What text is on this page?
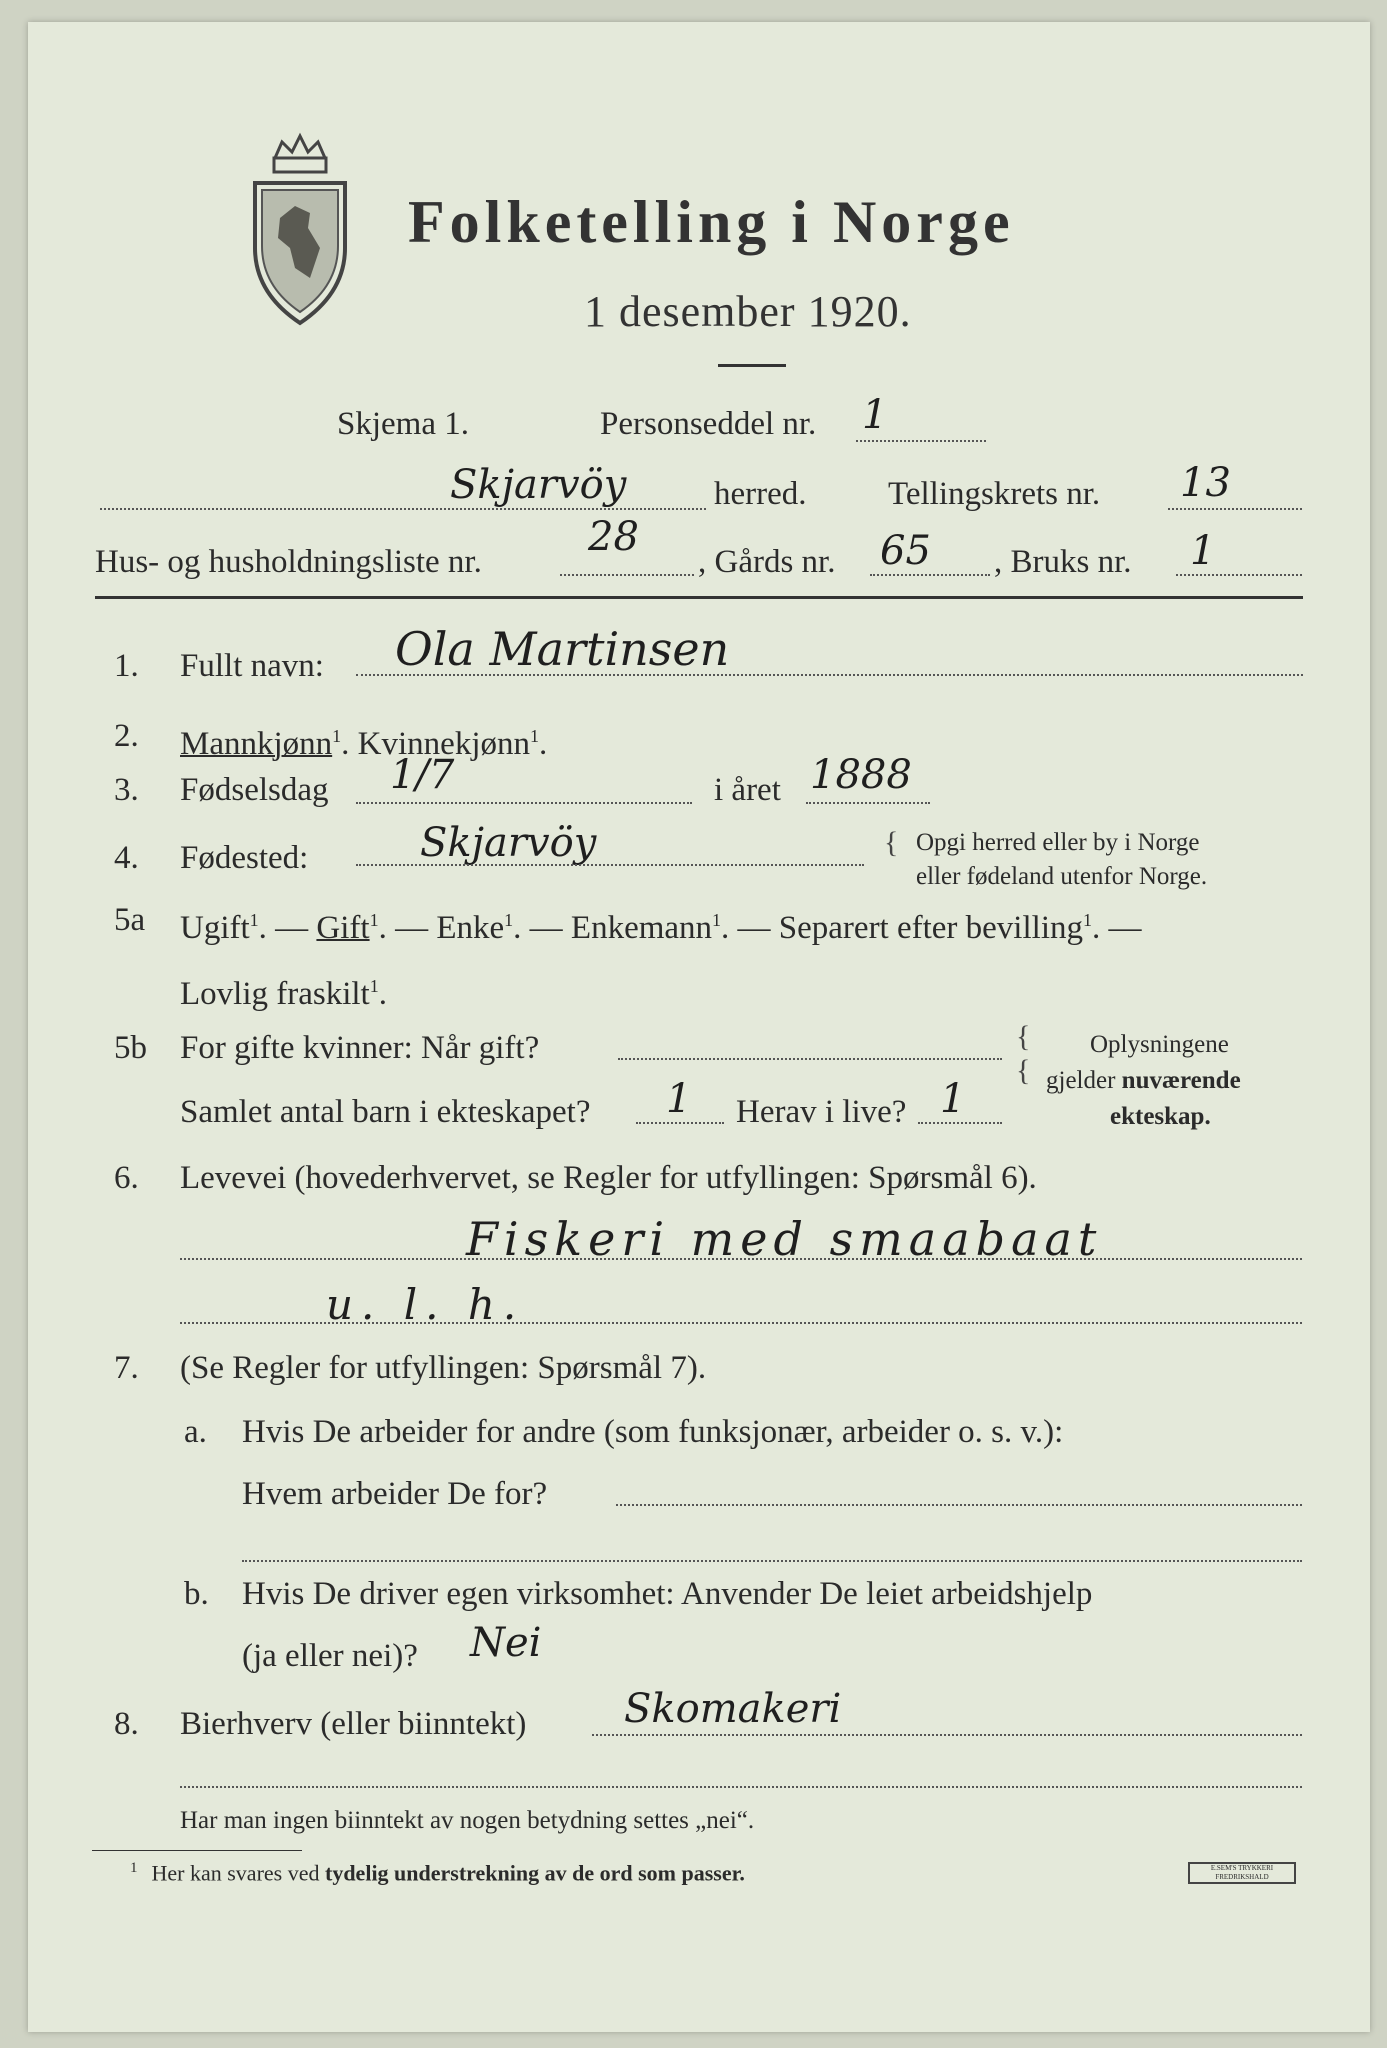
Folketelling i Norge
1 desember 1920.
Skjema 1.	Personseddel nr. 1
Skjarvöy	herred. Tellingskrets nr. 13
Hus- og husholdningsliste nr.
28
, Gårds nr. 65 , Bruks nr. 1
1. Fullt navn: Ola Martinsen
2. Mannkjønn$^1$. Kvinnekjønn$^1$.
3. Fødselsdag 1/7	i året 1888
4. Fødested:	Skjarvöy	{ Opgi herred eller by i Norge
eller fødeland utenfor Norge.
5a Ugift$^1$. — Gift$^1$. — Enke$^1$. — Enkemann$^1$. — Separert efter bevilling$^1$. —
Lovlig fraskilt$^1$.
5b For gifte kvinner: Når gift?
Samlet antal barn i ekteskapet? 1 Herav i live? 1
{
{
Oplysningene
gjelder nuværende
ekteskap.
6. Levevei (hovederhvervet, se Regler for utfyllingen: Spørsmål 6).
Fiskeri med smaabaat
u. l. h.
7. (Se Regler for utfyllingen: Spørsmål 7).
a. Hvis De arbeider for andre (som funksjonær, arbeider o. s. v.):
Hvem arbeider De for?
b. Hvis De driver egen virksomhet: Anvender De leiet arbeidshjelp
(ja eller nei)? Nei
8. Bierhverv (eller biinntekt) Skomakeri
Har man ingen biinntekt av nogen betydning settes „nei“.
$^1$ Her kan svares ved tydelig understrekning av de ord som passer.	E.SEM'S TRYKKERI FREDRIKSHALD
